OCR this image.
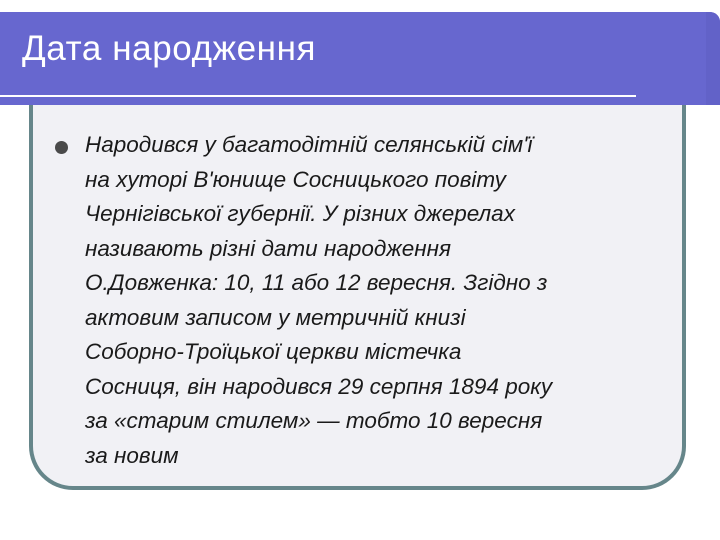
Дата народження

Народився у багатодітній селянській сім'ї
на хуторі В'юнище Сосницького повіту
Чернігівської губернії. У різних джерелах
називають різні дати народження
О.Довженка: 10, 11 або 12 вересня. Згідно з
актовим записом у метричній книзі
Соборно-Троїцької церкви містечка
Сосниця, він народився 29 серпня 1894 року
за «старим стилем» — тобто 10 вересня
за новим
